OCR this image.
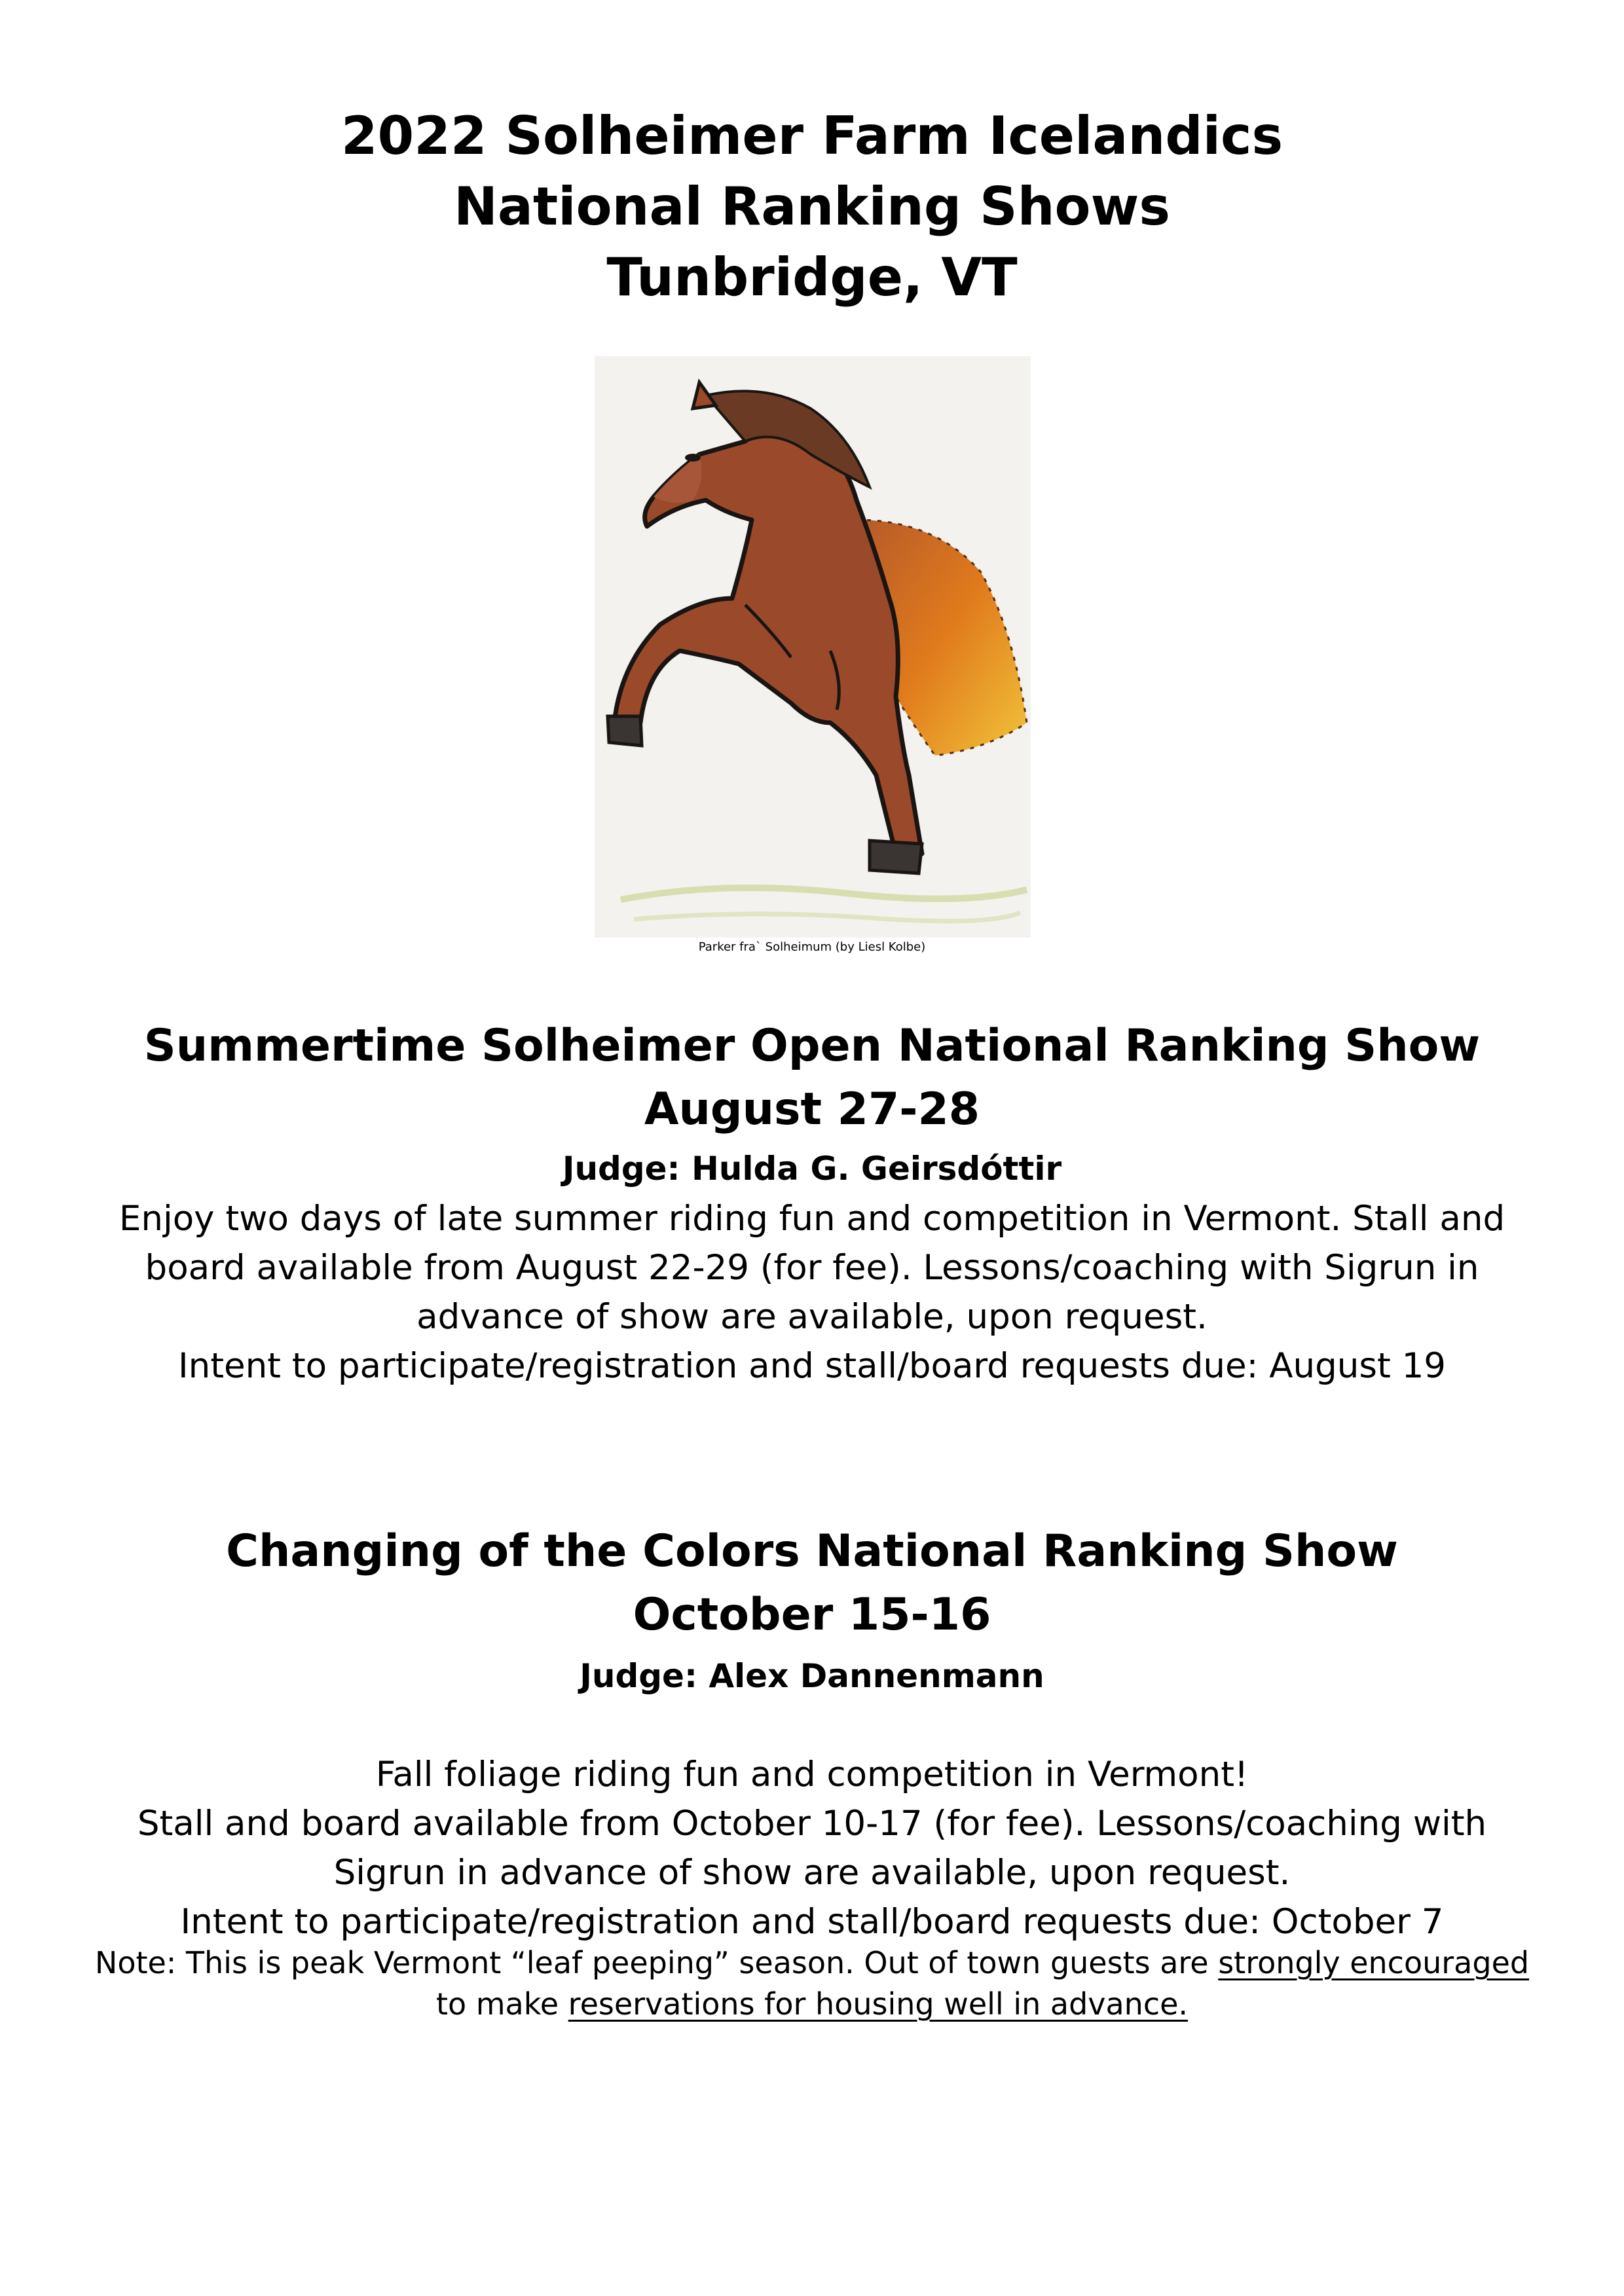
2022 Solheimer Farm Icelandics
National Ranking Shows
Tunbridge, VT
Parker fra` Solheimum (by Liesl Kolbe)
Summertime Solheimer Open National Ranking Show
August 27-28
Judge: Hulda G. Geirsdóttir
Enjoy two days of late summer riding fun and competition in Vermont. Stall and
board available from August 22-29 (for fee). Lessons/coaching with Sigrun in
advance of show are available, upon request.
Intent to participate/registration and stall/board requests due: August 19
Changing of the Colors National Ranking Show
October 15-16
Judge: Alex Dannenmann
Fall foliage riding fun and competition in Vermont!
Stall and board available from October 10-17 (for fee). Lessons/coaching with
Sigrun in advance of show are available, upon request.
Intent to participate/registration and stall/board requests due: October 7
Note: This is peak Vermont “leaf peeping” season. Out of town guests are strongly encouraged
to make reservations for housing well in advance.
